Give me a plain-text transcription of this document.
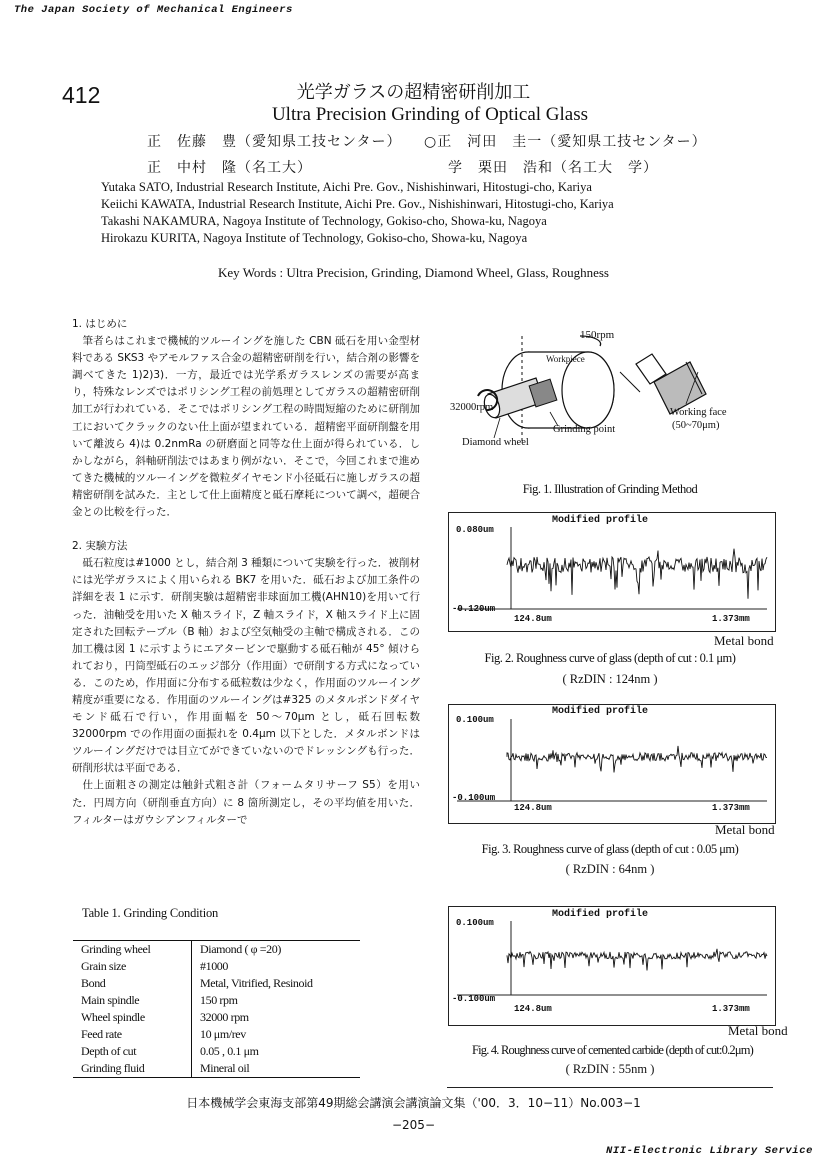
The Japan Society of Mechanical Engineers
412	光学ガラスの超精密研削加工
Ultra Precision Grinding of Optical Glass
正　佐藤　豊（愛知県工技センター） ○正　河田　圭一（愛知県工技センター）
正　中村　隆（名工大）	学　栗田　浩和（名工大　学）
Yutaka SATO, Industrial Research Institute, Aichi Pre. Gov., Nishishinwari, Hitostugi-cho, Kariya
Keiichi KAWATA, Industrial Research Institute, Aichi Pre. Gov., Nishishinwari, Hitostugi-cho, Kariya
Takashi NAKAMURA, Nagoya Institute of Technology, Gokiso-cho, Showa-ku, Nagoya
Hirokazu KURITA, Nagoya Institute of Technology, Gokiso-cho, Showa-ku, Nagoya
Key Words : Ultra Precision, Grinding, Diamond Wheel, Glass, Roughness
1. はじめに
筆者らはこれまで機械的ツルーイングを施した CBN 砥石を用い金型材料である SKS3 やアモルファス合金の超精密研削を行い，結合剤の影響を調べてきた 1)2)3)．一方，最近では光学系ガラスレンズの需要が高まり，特殊なレンズではポリシング工程の前処理としてガラスの超精密研削加工が行われている．そこではポリシング工程の時間短縮のために研削加工においてクラックのない仕上面が望まれている．超精密平面研削盤を用いて離波ら 4)は 0.2nmRa の研磨面と同等な仕上面が得られている．しかしながら，斜軸研削法ではあまり例がない．そこで，今回これまで進めてきた機械的ツルーイングを微粒ダイヤモンド小径砥石に施しガラスの超精密研削を試みた．主として仕上面精度と砥石摩耗について調べ，超硬合金との比較を行った．
2. 実験方法
砥石粒度は#1000 とし，結合剤 3 種類について実験を行った．被削材には光学ガラスによく用いられる BK7 を用いた．砥石および加工条件の詳細を表 1 に示す．研削実験は超精密非球面加工機(AHN10)を用いて行った．油軸受を用いた X 軸スライド，Z 軸スライド，X 軸スライド上に固定された回転テーブル（B 軸）および空気軸受の主軸で構成される．この加工機は図 1 に示すようにエアタービンで駆動する砥石軸が 45° 傾けられており，円筒型砥石のエッジ部分（作用面）で研削する方式になっている．このため，作用面に分布する砥粒数は少なく，作用面のツルーイング精度が重要になる．作用面のツルーイングは#325 のメタルボンドダイヤモンド砥石で行い，作用面幅を 50～70μm とし，砥石回転数 32000rpm での作用面の面振れを 0.4μm 以下とした．メタルボンドはツルーイングだけでは目立てができていないのでドレッシングも行った．研削形状は平面である．
仕上面粗さの測定は触針式粗さ計（フォームタリサーフ S5）を用いた．円周方向（研削垂直方向）に 8 箇所測定し，その平均値を用いた．フィルターはガウシアンフィルターで
Table 1. Grinding Condition
Grinding wheel	Diamond ( φ =20)
Grain size	#1000
Bond	Metal, Vitrified, Resinoid
Main spindle	150 rpm
Wheel spindle	32000 rpm
Feed rate	10 μm/rev
Depth of cut	0.05 , 0.1 μm
Grinding fluid	Mineral oil
150rpm
Workpiece
32000rpm
Grinding point
Diamond wheel
Working face
(50~70μm)
Fig. 1. Illustration of Grinding Method
Modified profile
0.080um
-0.120um
124.8um	1.373mm
Metal bond
Fig. 2. Roughness curve of glass (depth of cut : 0.1 μm)
( RzDIN : 124nm )
Modified profile
0.100um
-0.100um
124.8um	1.373mm
Metal bond
Fig. 3. Roughness curve of glass (depth of cut : 0.05 μm)
( RzDIN : 64nm )
Modified profile
0.100um
-0.100um
124.8um	1.373mm
Metal bond
Fig. 4. Roughness curve of cemented carbide (depth of cut:0.2μm)
( RzDIN : 55nm )
日本機械学会東海支部第49期総会講演会講演論文集（'00．3．10−11）No.003−1
−205−
NII-Electronic Library Service
